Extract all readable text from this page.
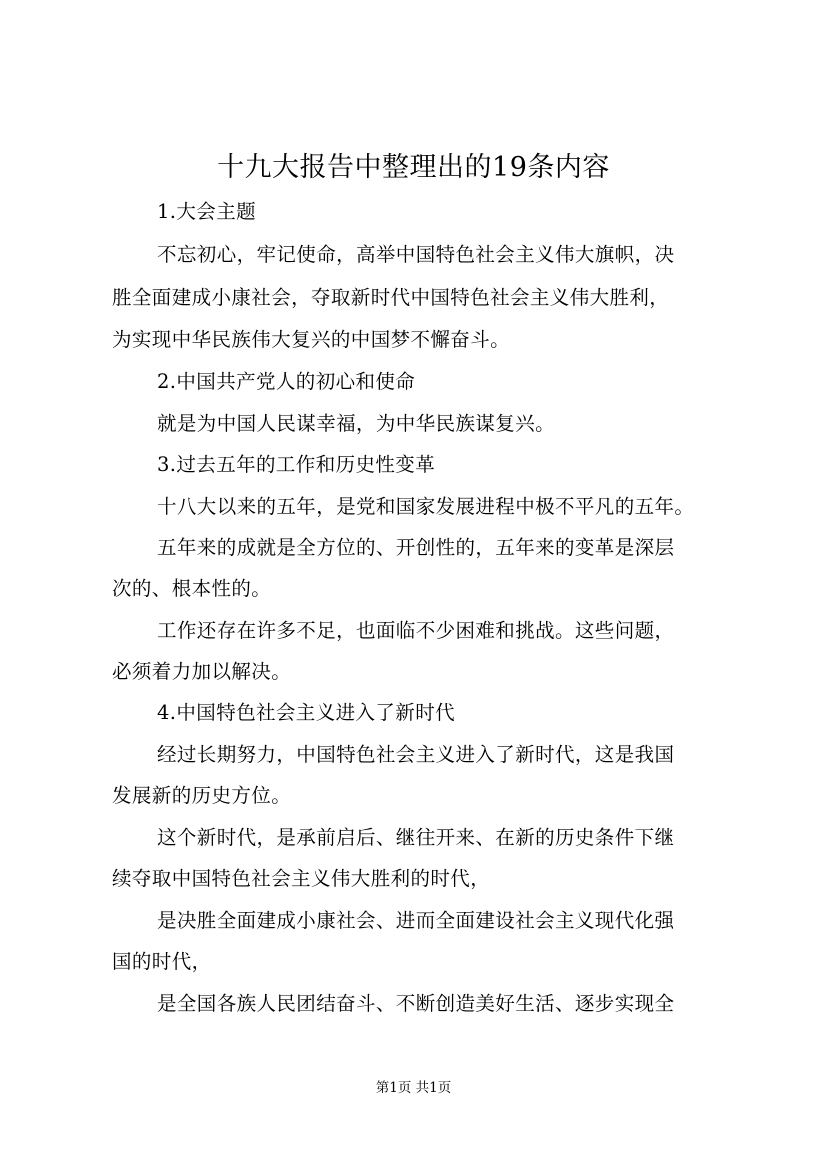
十九大报告中整理出的19条内容
1.大会主题
不忘初心，牢记使命，高举中国特色社会主义伟大旗帜，决
胜全面建成小康社会，夺取新时代中国特色社会主义伟大胜利，
为实现中华民族伟大复兴的中国梦不懈奋斗。
2.中国共产党人的初心和使命
就是为中国人民谋幸福，为中华民族谋复兴。
3.过去五年的工作和历史性变革
十八大以来的五年，是党和国家发展进程中极不平凡的五年。
五年来的成就是全方位的、开创性的，五年来的变革是深层
次的、根本性的。
工作还存在许多不足，也面临不少困难和挑战。这些问题，
必须着力加以解决。
4.中国特色社会主义进入了新时代
经过长期努力，中国特色社会主义进入了新时代，这是我国
发展新的历史方位。
这个新时代，是承前启后、继往开来、在新的历史条件下继
续夺取中国特色社会主义伟大胜利的时代，
是决胜全面建成小康社会、进而全面建设社会主义现代化强
国的时代，
是全国各族人民团结奋斗、不断创造美好生活、逐步实现全
第1页 共1页
